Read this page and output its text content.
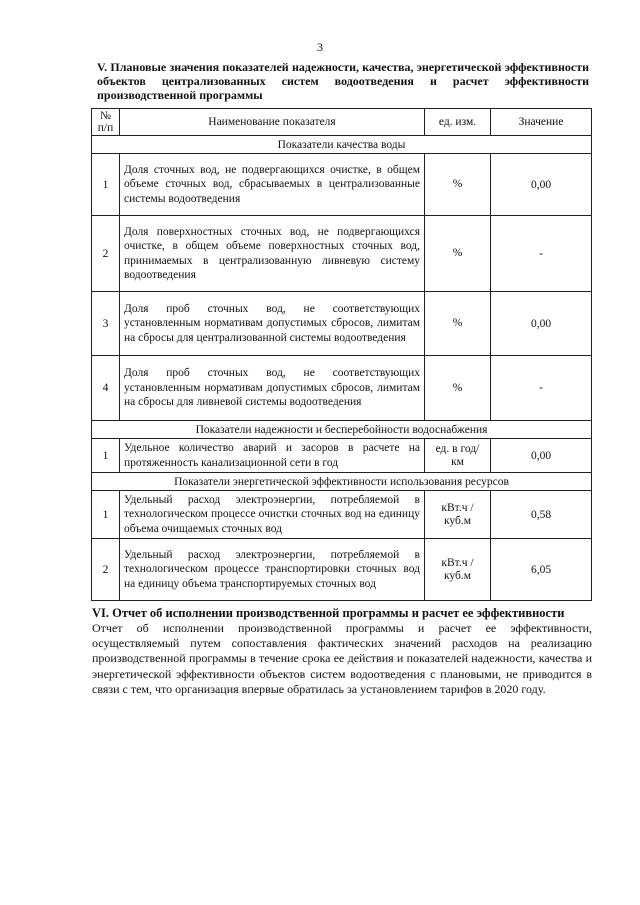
3
V. Плановые значения показателей надежности, качества, энергетической эффективности объектов централизованных систем водоотведения и расчет эффективности производственной программы
№ п/п	Наименование показателя	ед. изм.	Значение
Показатели качества воды			
1	Доля сточных вод, не подвергающихся очистке, в общем объеме сточных вод, сбрасываемых в централизованные системы водоотведения	%	0,00
2	Доля поверхностных сточных вод, не подвергающихся очистке, в общем объеме поверхностных сточных вод, принимаемых в централизованную ливневую систему водоотведения	%	-
3	Доля проб сточных вод, не соответствующих установленным нормативам допустимых сбросов, лимитам на сбросы для централизованной системы водоотведения	%	0,00
4	Доля проб сточных вод, не соответствующих установленным нормативам допустимых сбросов, лимитам на сбросы для ливневой системы водоотведения	%	-
Показатели надежности и бесперебойности водоснабжения			
1	Удельное количество аварий и засоров в расчете на протяженность канализационной сети в год	ед. в год/ км	0,00
Показатели энергетической эффективности использования ресурсов			
1	Удельный расход электроэнергии, потребляемой в технологическом процессе очистки сточных вод на единицу объема очищаемых сточных вод	кВт.ч / куб.м	0,58
2	Удельный расход электроэнергии, потребляемой в технологическом процессе транспортировки сточных вод на единицу объема транспортируемых сточных вод	кВт.ч / куб.м	6,05
VI. Отчет об исполнении производственной программы и расчет ее эффективности
Отчет об исполнении производственной программы и расчет ее эффективности, осуществляемый путем сопоставления фактических значений расходов на реализацию производственной программы в течение срока ее действия и показателей надежности, качества и энергетической эффективности объектов систем водоотведения с плановыми, не приводится в связи с тем, что организация впервые обратилась за установлением тарифов в 2020 году.
